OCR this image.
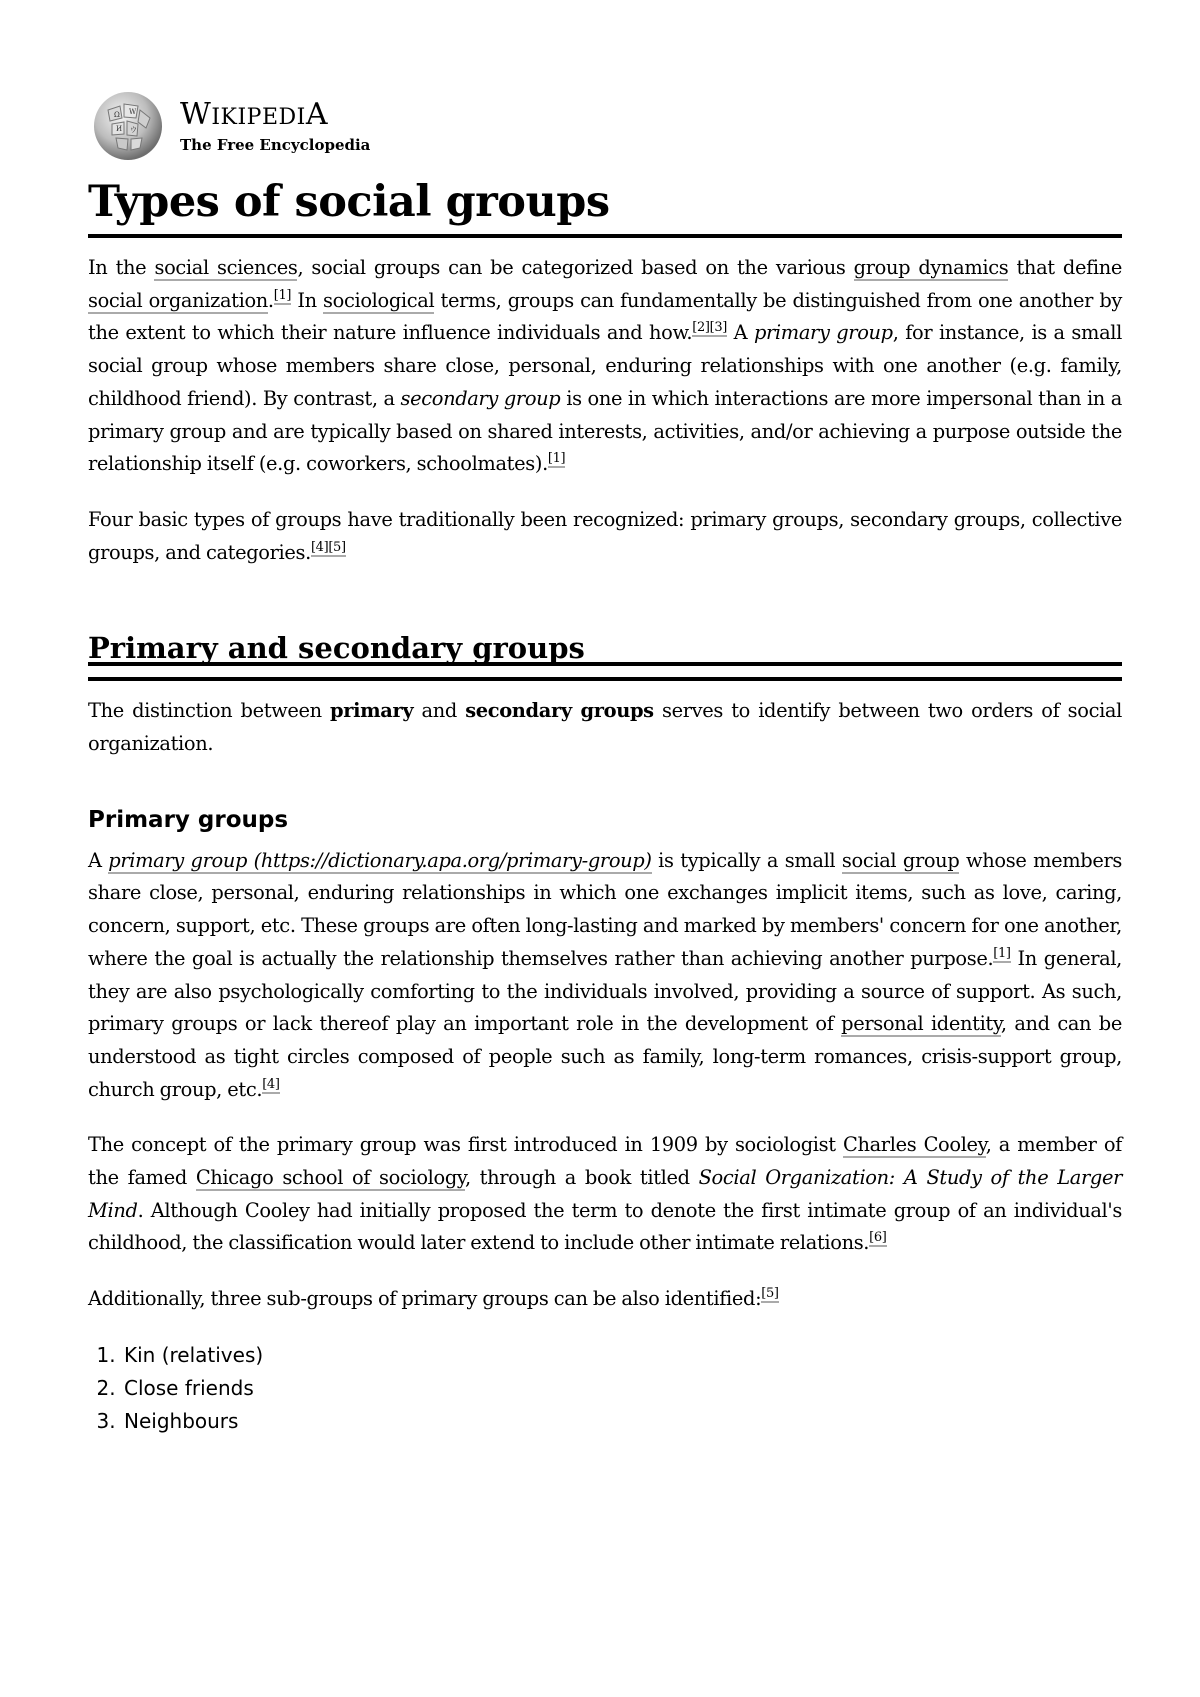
Ω W
И ウ WIKIPEDIA
The Free Encyclopedia
Types of social groups

In the social sciences, social groups can be categorized based on the various group dynamics that define social organization.[1] In sociological terms, groups can fundamentally be distinguished from one another by the extent to which their nature influence individuals and how.[2][3] A primary group, for instance, is a small social group whose members share close, personal, enduring relationships with one another (e.g. family, childhood friend). By contrast, a secondary group is one in which interactions are more impersonal than in a primary group and are typically based on shared interests, activities, and/or achieving a purpose outside the relationship itself (e.g. coworkers, schoolmates).[1]

Four basic types of groups have traditionally been recognized: primary groups, secondary groups, collective groups, and categories.[4][5]

Primary and secondary groups

The distinction between primary and secondary groups serves to identify between two orders of social organization.

Primary groups

A primary group (https://dictionary.apa.org/primary-group) is typically a small social group whose members share close, personal, enduring relationships in which one exchanges implicit items, such as love, caring, concern, support, etc. These groups are often long-lasting and marked by members' concern for one another, where the goal is actually the relationship themselves rather than achieving another purpose.[1] In general, they are also psychologically comforting to the individuals involved, providing a source of support. As such, primary groups or lack thereof play an important role in the development of personal identity, and can be understood as tight circles composed of people such as family, long-term romances, crisis-support group, church group, etc.[4]

The concept of the primary group was first introduced in 1909 by sociologist Charles Cooley, a member of the famed Chicago school of sociology, through a book titled Social Organization: A Study of the Larger Mind. Although Cooley had initially proposed the term to denote the first intimate group of an individual's childhood, the classification would later extend to include other intimate relations.[6]

Additionally, three sub-groups of primary groups can be also identified:[5]

1. Kin (relatives)
2. Close friends
3. Neighbours
